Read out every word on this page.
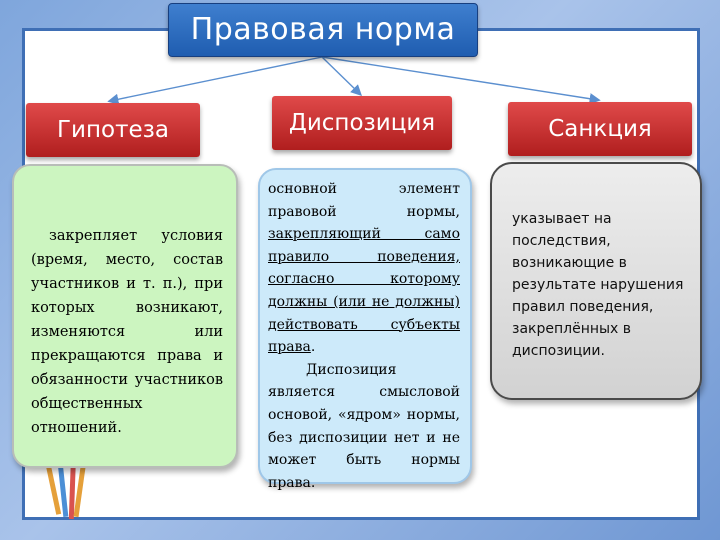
Правовая норма
Гипотеза	Диспозиция	Санкция
закрепляет условия (время, место, состав участников и т. п.), при которых возникают, изменяются или прекращаются права и обязанности участников общественных отношений.

основной элемент правовой нормы, закрепляющий само правило поведения, согласно которому должны (или не должны) действовать субъекты права.

Диспозиция является смысловой основой, «ядром» нормы, без диспозиции нет и не может быть нормы права.

указывает на последствия, возникающие в результате нарушения правил поведения, закреплённых в диспозиции.
